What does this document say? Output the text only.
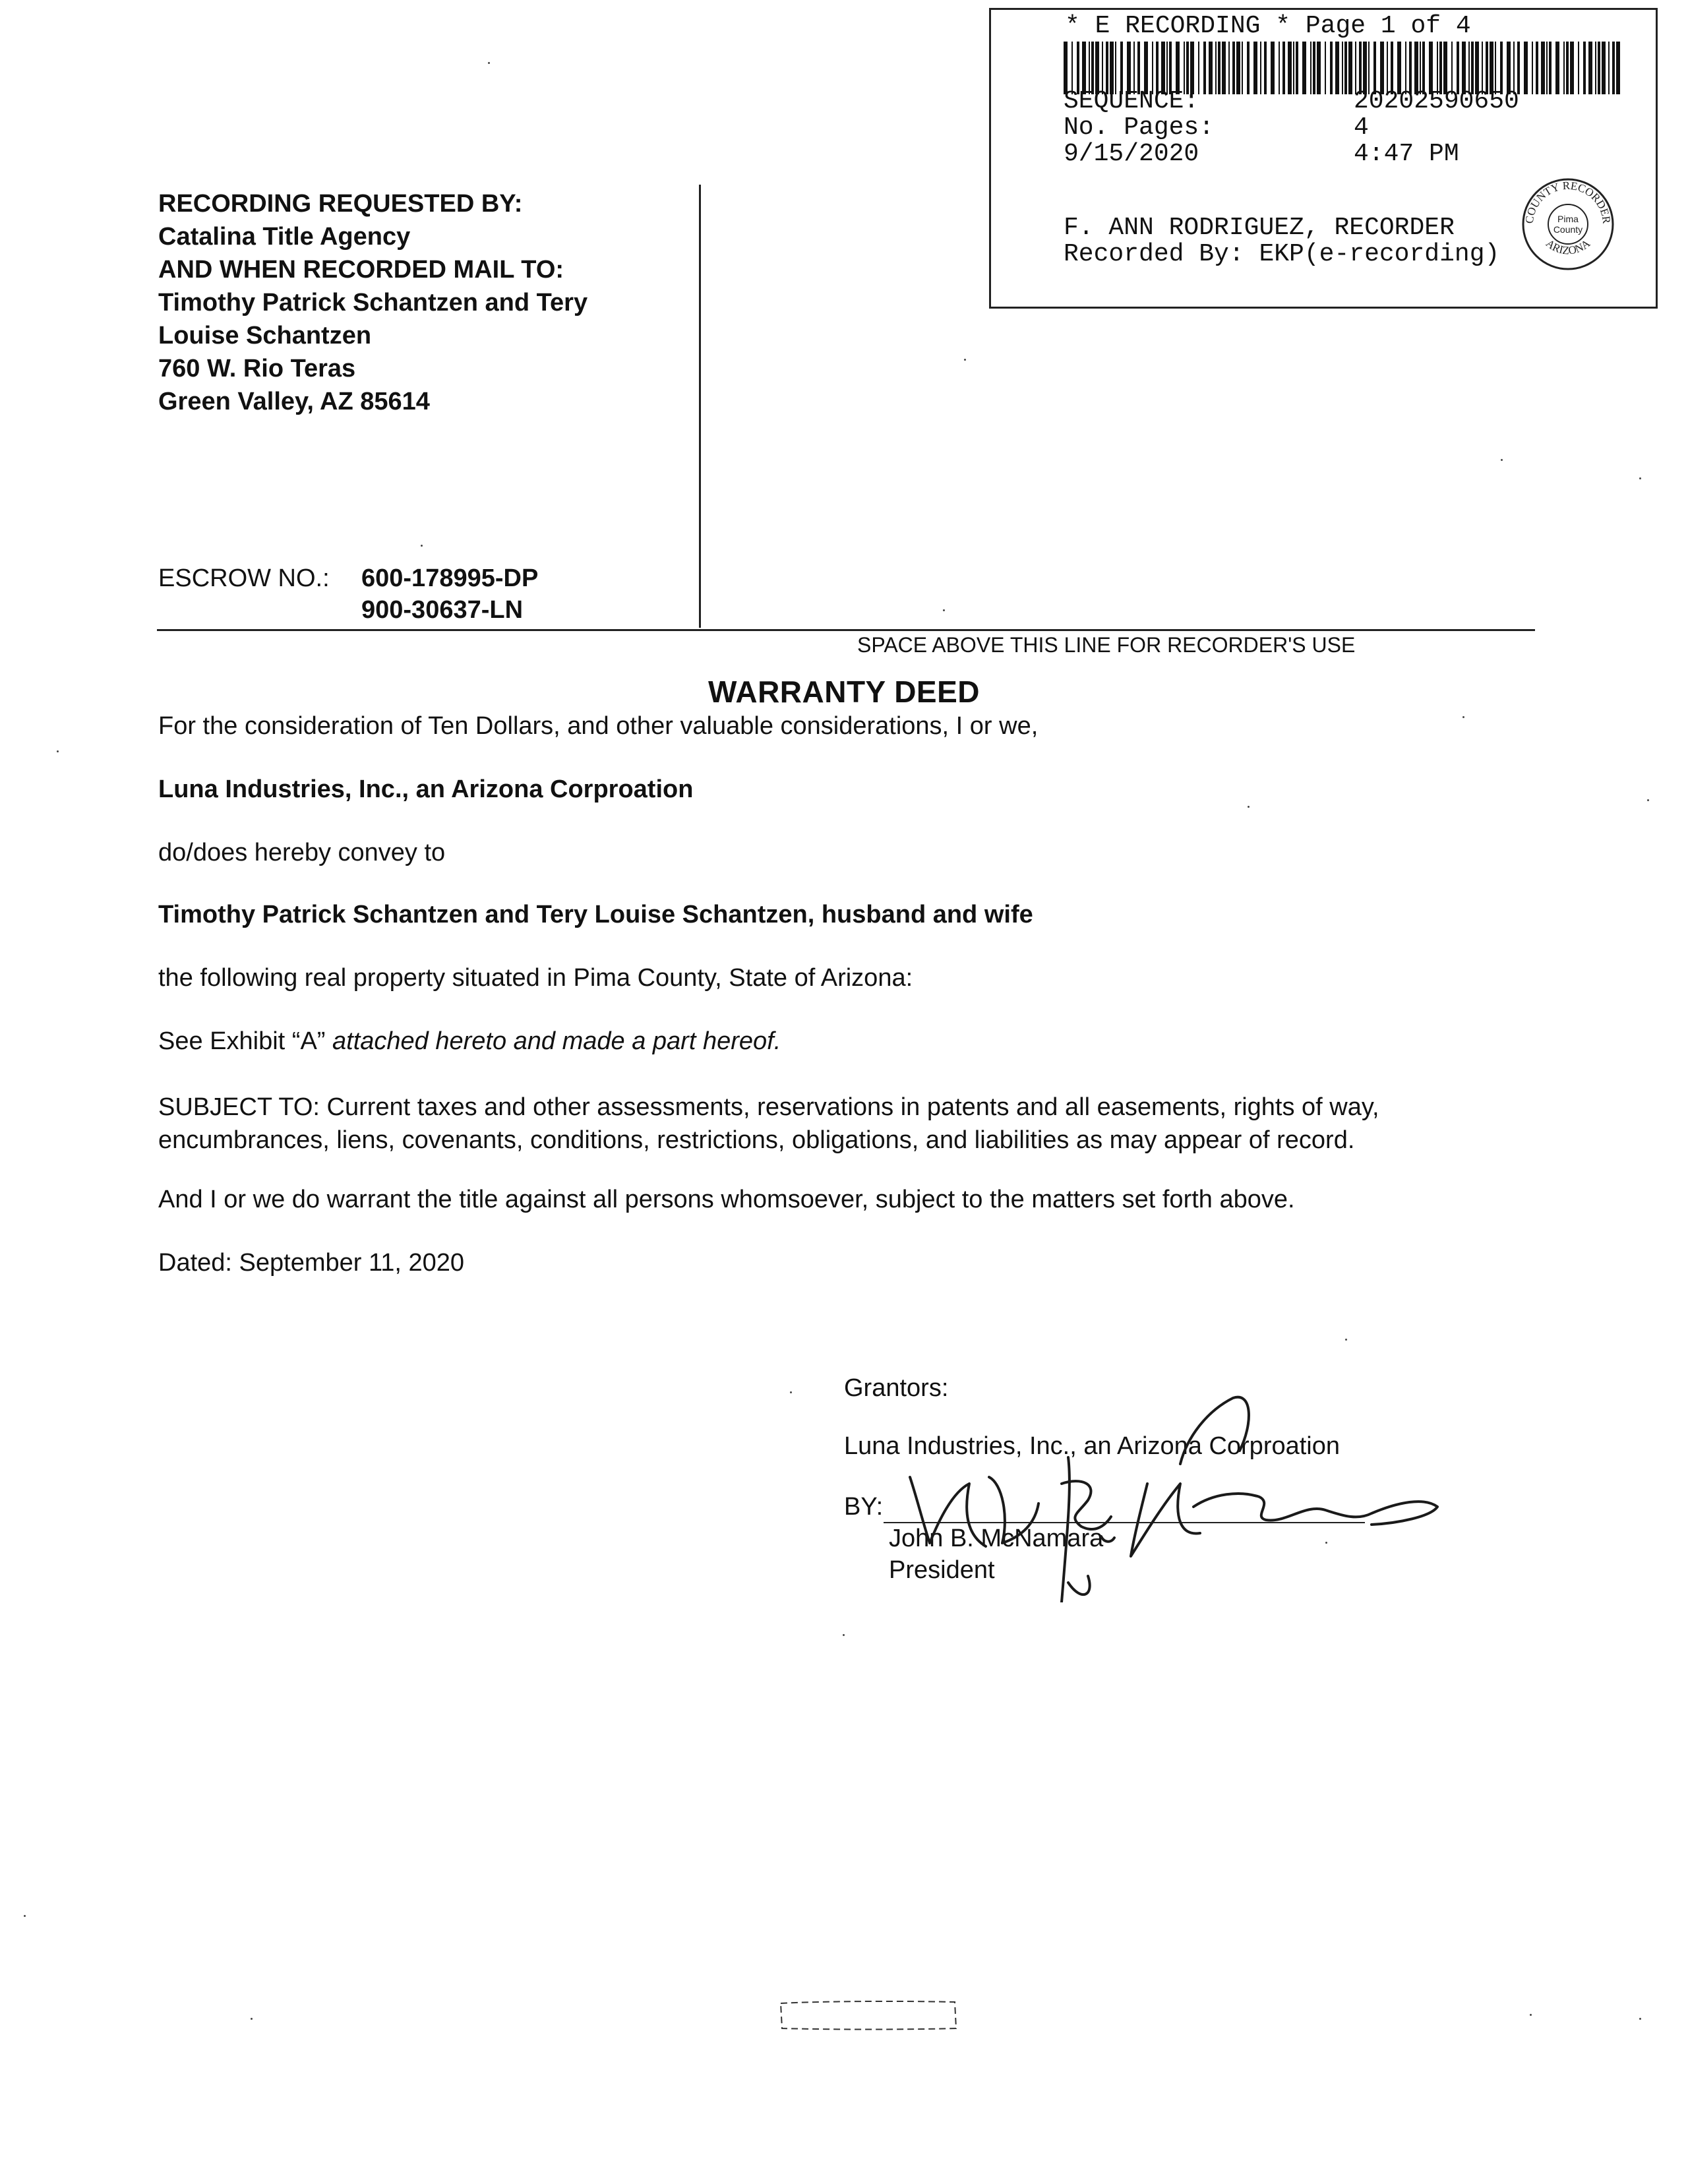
* E RECORDING * Page 1 of 4
SEQUENCE:	20202590650
No. Pages:	4
9/15/2020	4:47 PM
F. ANN RODRIGUEZ, RECORDER
Recorded By: EKP(e-recording)
COUNTY RECORDER
ARIZONA
Pima
County
RECORDING REQUESTED BY:
Catalina Title Agency
AND WHEN RECORDED MAIL TO:
Timothy Patrick Schantzen and Tery
Louise Schantzen
760 W. Rio Teras
Green Valley, AZ 85614
ESCROW NO.: 600-178995-DP
900-30637-LN
SPACE ABOVE THIS LINE FOR RECORDER'S USE
WARRANTY DEED
For the consideration of Ten Dollars, and other valuable considerations, I or we,
Luna Industries, Inc., an Arizona Corproation
do/does hereby convey to
Timothy Patrick Schantzen and Tery Louise Schantzen, husband and wife
the following real property situated in Pima County, State of Arizona:
See Exhibit “A” attached hereto and made a part hereof.
SUBJECT TO: Current taxes and other assessments, reservations in patents and all easements, rights of way, encumbrances, liens, covenants, conditions, restrictions, obligations, and liabilities as may appear of record.
And I or we do warrant the title against all persons whomsoever, subject to the matters set forth above.
Dated: September 11, 2020
Grantors:
Luna Industries, Inc., an Arizona Corproation
BY:
John B. McNamara
President
